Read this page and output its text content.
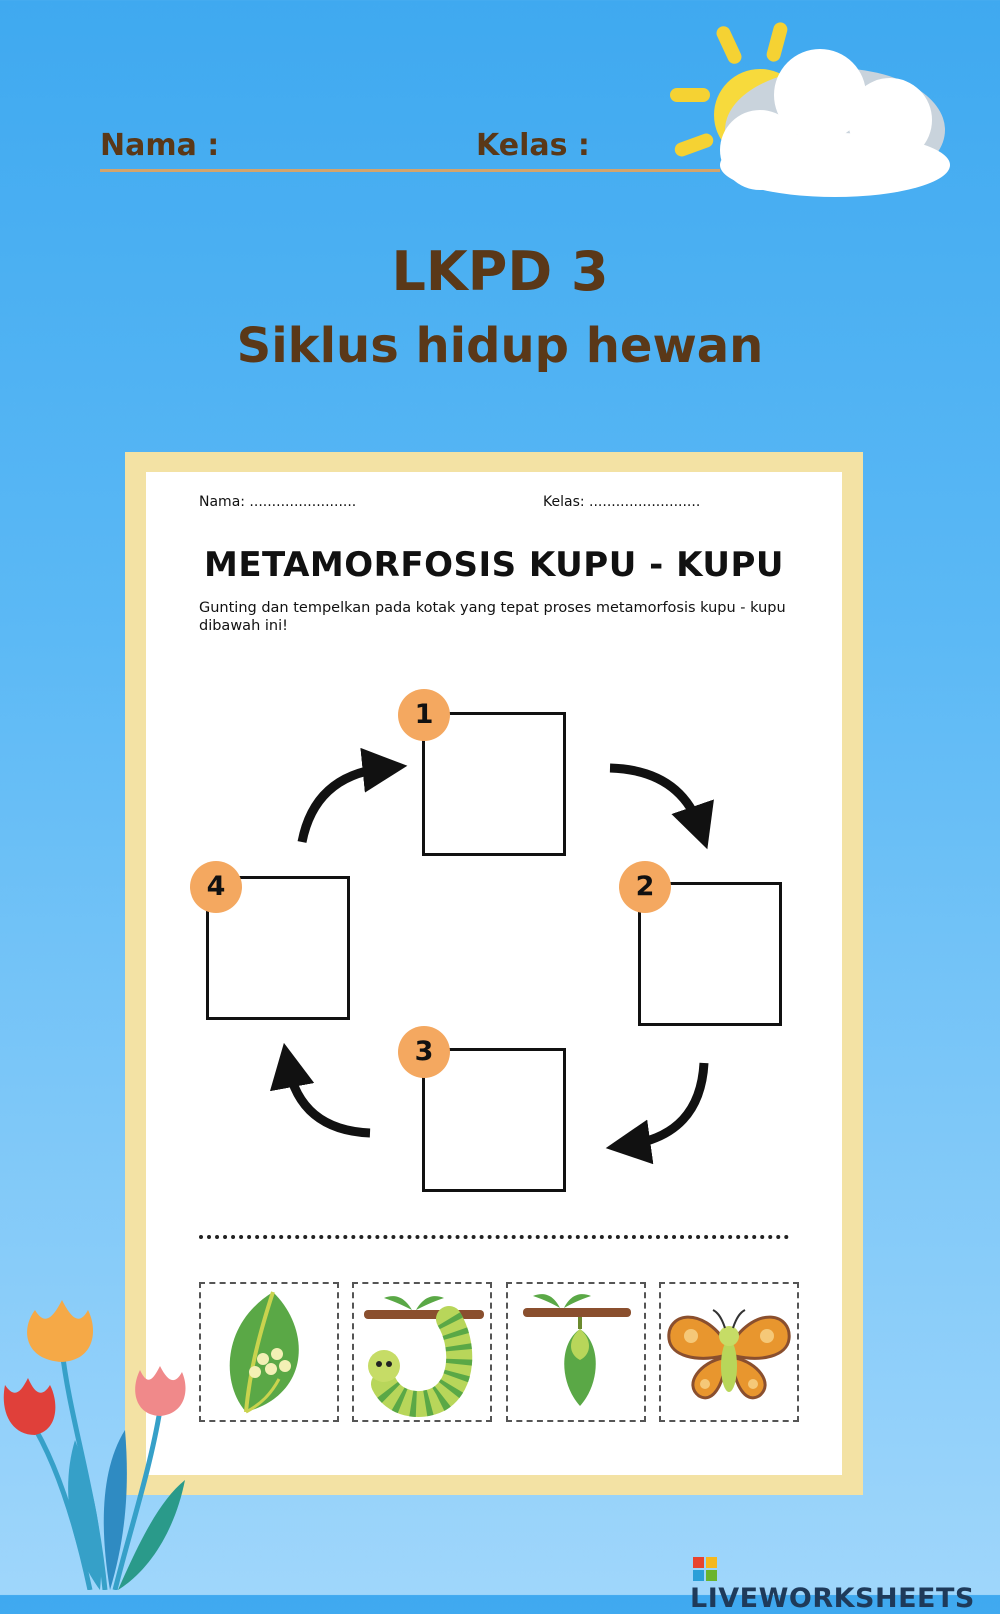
Nama :	Kelas :
LKPD 3
Siklus hidup hewan
Nama: ........................	Kelas: .........................
METAMORFOSIS KUPU - KUPU
Gunting dan tempelkan pada kotak yang tepat proses metamorfosis kupu - kupu dibawah ini!
1
2
3
4
LIVEWORKSHEETS
